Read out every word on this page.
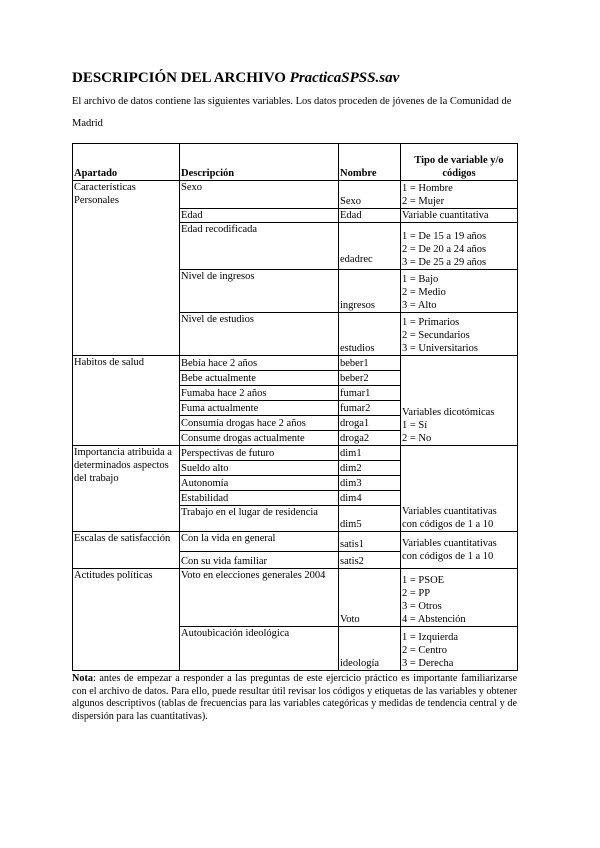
DESCRIPCIÓN DEL ARCHIVO PracticaSPSS.sav
El archivo de datos contiene las siguientes variables. Los datos proceden de jóvenes de la Comunidad de Madrid
Apartado	Descripción	Nombre	Tipo de variable y/o códigos
Características Personales	Sexo	Sexo	1 = Hombre
2 = Mujer

	Edad	Edad	Variable cuantitativa

	Edad recodificada	edadrec	1 = De 15 a 19 años
2 = De 20 a 24 años
3 = De 25 a 29 años

	Nivel de ingresos	ingresos	1 = Bajo
2 = Medio
3 = Alto

	Nivel de estudios	estudios	1 = Primarios
2 = Secundarios
3 = Universitarios

Habitos de salud	Bebía hace 2 años	beber1	Variables dicotómicas
1 = Sí
2 = No

	Bebe actualmente	beber2	
	Fumaba hace 2 años	fumar1	
	Fuma actualmente	fumar2	
	Consumía drogas hace 2 años	droga1	
	Consume drogas actualmente	droga2	
Importancia atribuida a determinados aspectos del trabajo	Perspectivas de futuro	dim1	Variables cuantitativas
con códigos de 1 a 10

	Sueldo alto	dim2	
	Autonomía	dim3	
	Estabilidad	dim4	
	Trabajo en el lugar de residencia	dim5	
Escalas de satisfacción	Con la vida en general	satis1	Variables cuantitativas
con códigos de 1 a 10

	Con su vida familiar	satis2	
Actitudes políticas	Voto en elecciones generales 2004	Voto	1 = PSOE
2 = PP
3 = Otros
4 = Abstención

	Autoubicación ideológica	ideología	1 = Izquierda
2 = Centro
3 = Derecha
Nota: antes de empezar a responder a las preguntas de este ejercicio práctico es importante familiarizarse con el archivo de datos. Para ello, puede resultar útil revisar los códigos y etiquetas de las variables y obtener algunos descriptivos (tablas de frecuencias para las variables categóricas y medidas de tendencia central y de dispersión para las cuantitativas).
